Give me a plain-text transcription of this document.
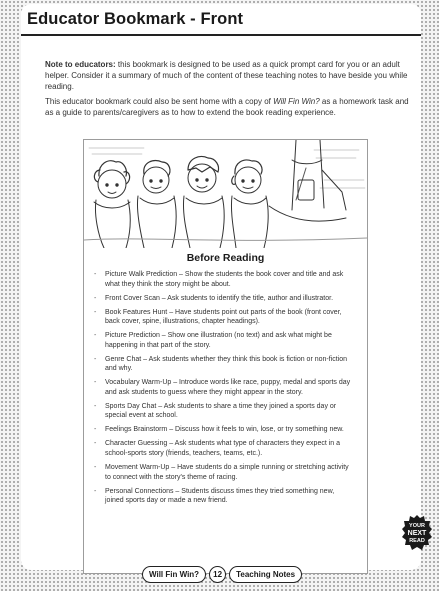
Educator Bookmark - Front

Note to educators: this bookmark is designed to be used as a quick prompt card for you or an adult helper. Consider it a summary of much of the content of these teaching notes to have beside you while reading.

This educator bookmark could also be sent home with a copy of Will Fin Win? as a homework task and as a guide to parents/caregivers as to how to extend the book reading experience.

Before Reading
- Picture Walk Prediction – Show the students the book cover and title and ask what they think the story might be about.
- Front Cover Scan – Ask students to identify the title, author and illustrator.
- Book Features Hunt – Have students point out parts of the book (front cover, back cover, spine, illustrations, chapter headings).
- Picture Prediction – Show one illustration (no text) and ask what might be happening in that part of the story.
- Genre Chat – Ask students whether they think this book is fiction or non-fiction and why.
- Vocabulary Warm-Up – Introduce words like race, puppy, medal and sports day and ask students to guess where they might appear in the story.
- Sports Day Chat – Ask students to share a time they joined a sports day or special event at school.
- Feelings Brainstorm – Discuss how it feels to win, lose, or try something new.
- Character Guessing – Ask students what type of characters they expect in a school-sports story (friends, teachers, teams, etc.).
- Movement Warm-Up – Have students do a simple running or stretching activity to connect with the story's theme of racing.
- Personal Connections – Students discuss times they tried something new, joined sports day or made a new friend.
YOUR
NEXT
READ
Will Fin Win?	12	Teaching Notes
